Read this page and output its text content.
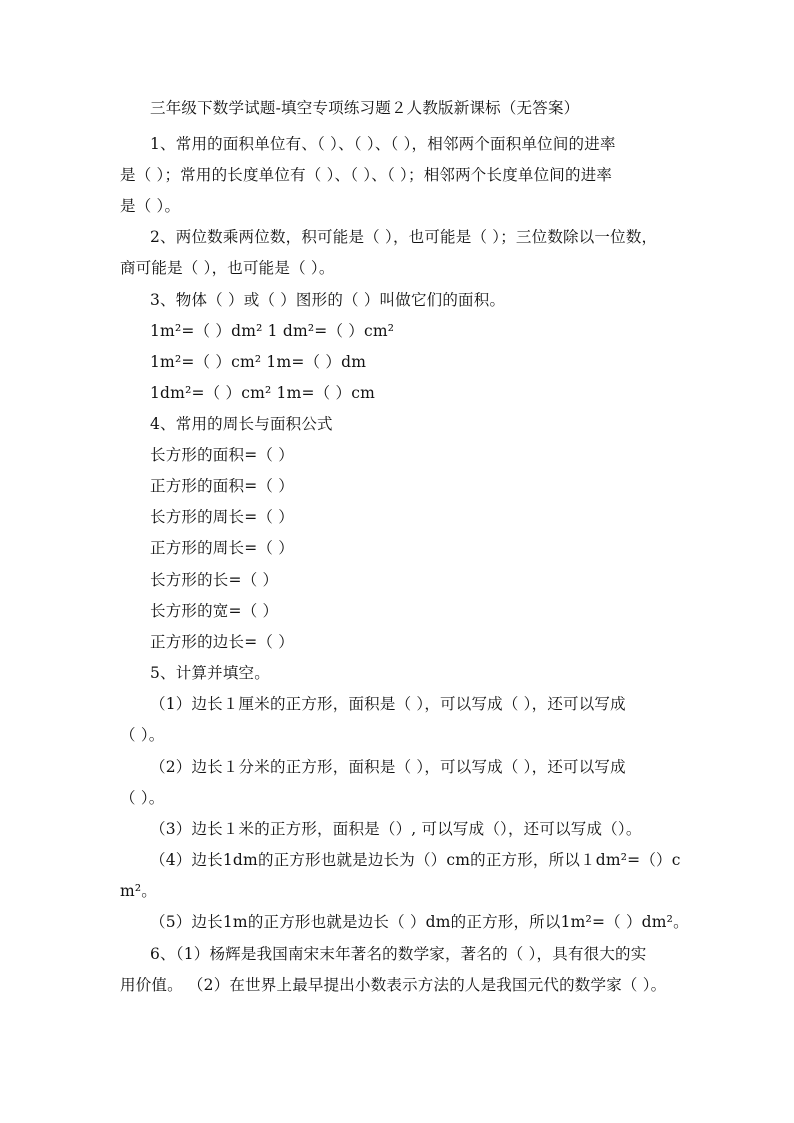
三年级下数学试题-填空专项练习题２人教版新课标（无答案）
1、常用的面积单位有、（ ）、（ ）、（ ），相邻两个面积单位间的进率
是（ ）；常用的长度单位有（ ）、（ ）、（ ）；相邻两个长度单位间的进率
是（ ）。
2、两位数乘两位数，积可能是（ ），也可能是（ ）；三位数除以一位数，
商可能是（ ），也可能是（ ）。
3、物体（ ）或（ ）图形的（ ）叫做它们的面积。
1m²=（ ）dm² 1 dm²=（ ）cm²
1m²=（ ）cm² 1m=（ ）dm
1dm²=（ ）cm² 1m=（ ）cm
4、常用的周长与面积公式
长方形的面积=（ ）
正方形的面积=（ ）
长方形的周长=（ ）
正方形的周长=（ ）
长方形的长=（ ）
长方形的宽=（ ）
正方形的边长=（ ）
5、计算并填空。
（1）边长１厘米的正方形，面积是（ ），可以写成（ ），还可以写成
（ ）。
（2）边长１分米的正方形，面积是（ ），可以写成（ ），还可以写成
（ ）。
（3）边长１米的正方形，面积是（）, 可以写成（），还可以写成（）。
（4）边长1dm的正方形也就是边长为（）cm的正方形，所以１dm²=（）c
m²。
（5）边长1m的正方形也就是边长（ ）dm的正方形，所以1m²=（ ）dm²。
6、（1）杨辉是我国南宋末年著名的数学家，著名的（ ），具有很大的实
用价值。 （2）在世界上最早提出小数表示方法的人是我国元代的数学家（ ）。
